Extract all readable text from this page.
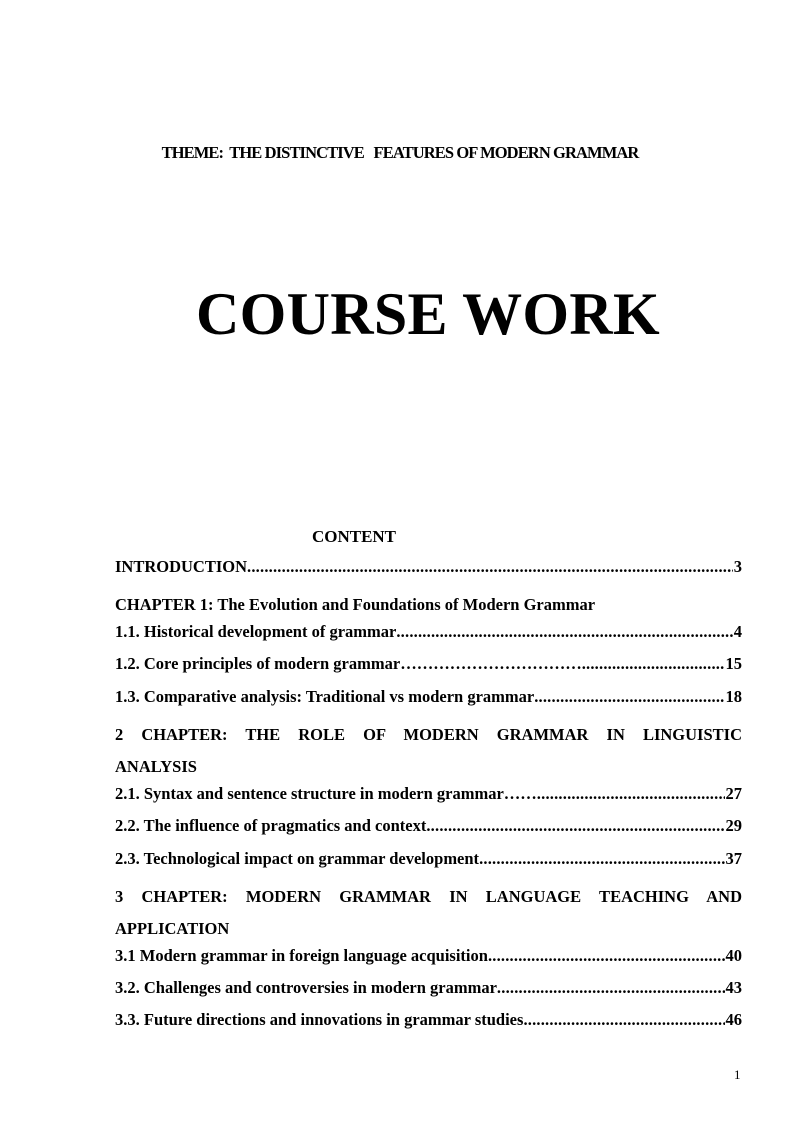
THEME:  THE DISTINCTIVE   FEATURES OF MODERN GRAMMAR
COURSE WORK
CONTENT
INTRODUCTION .....	3
CHAPTER 1: The Evolution and Foundations of Modern Grammar
1.1. Historical development of grammar .....	4
1.2. Core principles of modern grammar…………………………… .....	15
1.3. Comparative analysis: Traditional vs modern grammar .....	18
2 CHAPTER: THE ROLE OF MODERN GRAMMAR IN LINGUISTIC
ANALYSIS
2.1. Syntax and sentence structure in modern grammar…… .....	27
2.2. The influence of pragmatics and context .....	29
2.3. Technological impact on grammar development .....	37
3 CHAPTER: MODERN GRAMMAR IN LANGUAGE TEACHING AND
APPLICATION
3.1 Modern grammar in foreign language acquisition .....	40
3.2. Challenges and controversies in modern grammar .....	43
3.3. Future directions and innovations in grammar studies .....	46
1
